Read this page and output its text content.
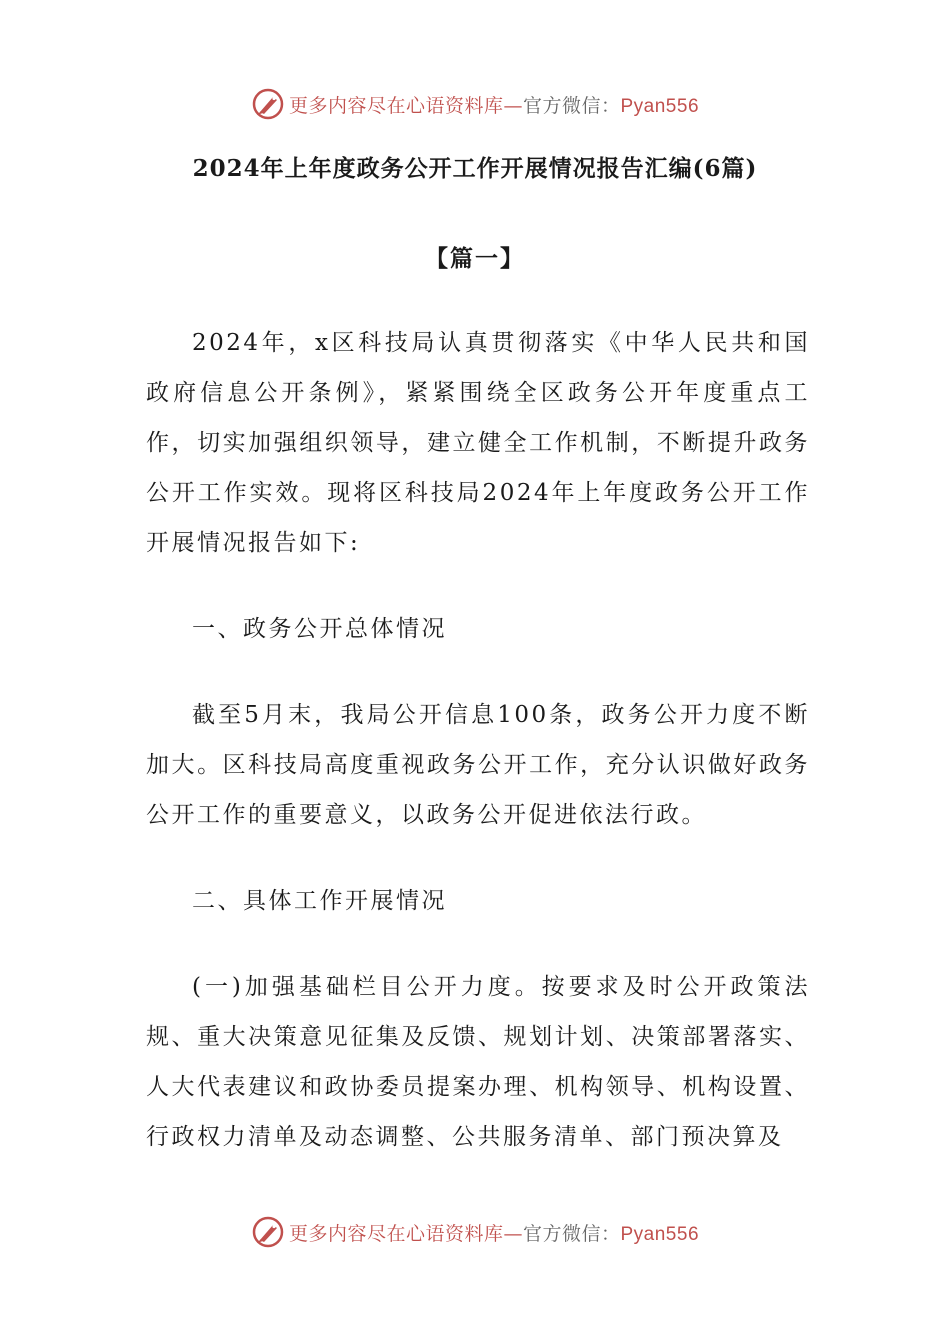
更多内容尽在心语资料库—官方微信：Pyan556
2024年上年度政务公开工作开展情况报告汇编(6篇)
【篇一】

2024年，x区科技局认真贯彻落实《中华人民共和国政府信息公开条例》，紧紧围绕全区政务公开年度重点工作，切实加强组织领导，建立健全工作机制，不断提升政务公开工作实效。现将区科技局2024年上年度政务公开工作开展情况报告如下:

一、政务公开总体情况

截至5月末，我局公开信息100条，政务公开力度不断加大。区科技局高度重视政务公开工作，充分认识做好政务公开工作的重要意义，以政务公开促进依法行政。

二、具体工作开展情况

(一)加强基础栏目公开力度。按要求及时公开政策法规、重大决策意见征集及反馈、规划计划、决策部署落实、人大代表建议和政协委员提案办理、机构领导、机构设置、行政权力清单及动态调整、公共服务清单、部门预决算及

更多内容尽在心语资料库—官方微信：Pyan556
